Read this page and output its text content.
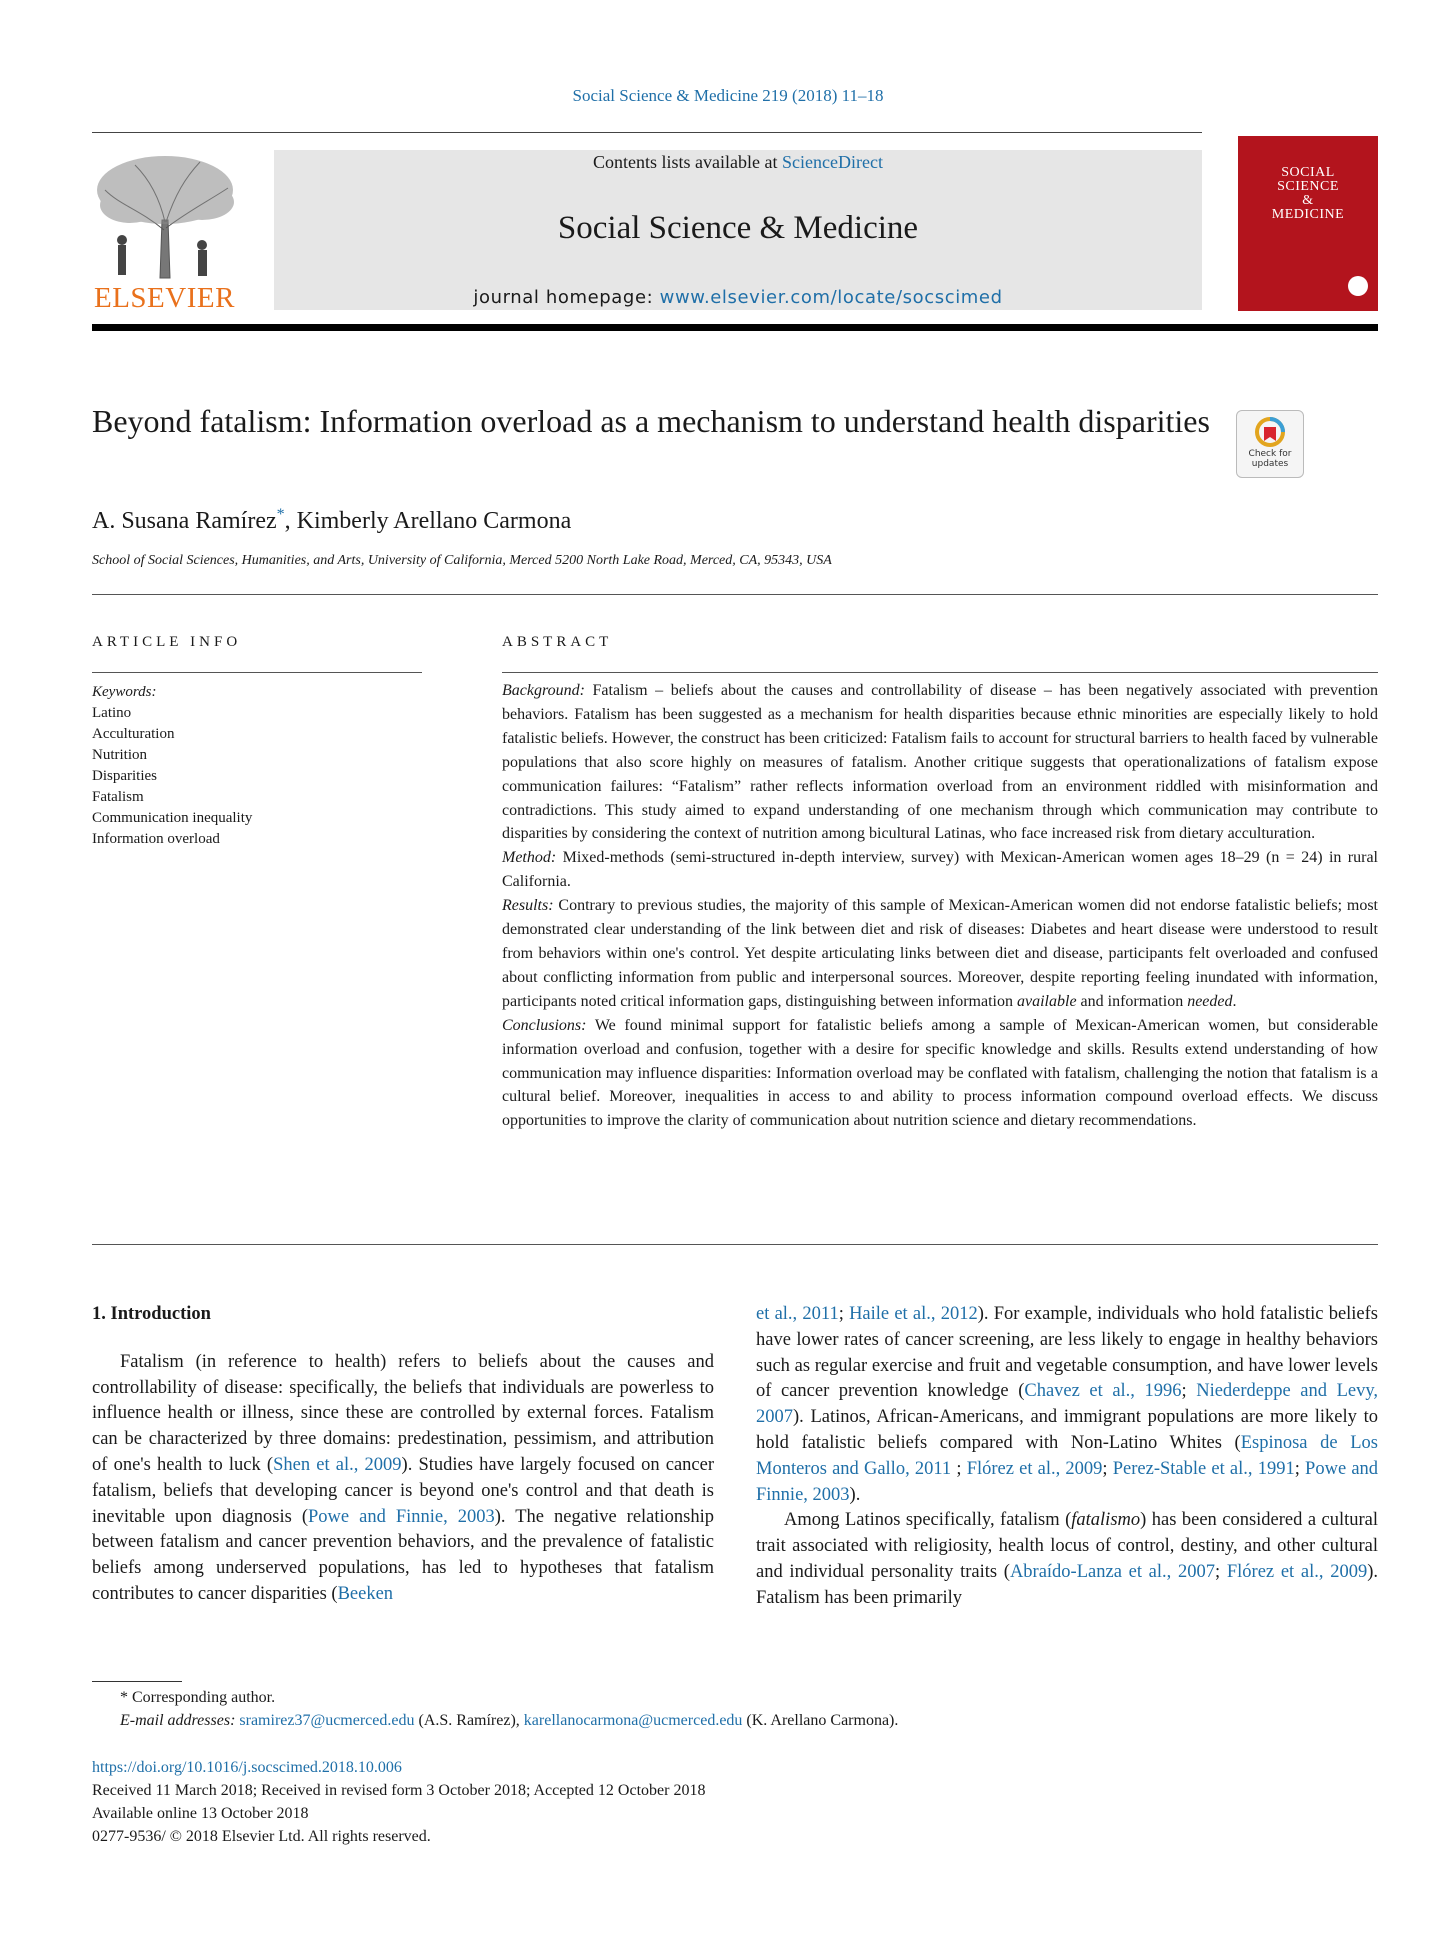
Social Science & Medicine 219 (2018) 11–18
ELSEVIER
Contents lists available at ScienceDirect
Social Science & Medicine
journal homepage: www.elsevier.com/locate/socscimed
SOCIAL
SCIENCE
&
MEDICINE
Beyond fatalism: Information overload as a mechanism to understand health disparities
Check for updates
A. Susana Ramírez*, Kimberly Arellano Carmona
School of Social Sciences, Humanities, and Arts, University of California, Merced 5200 North Lake Road, Merced, CA, 95343, USA
ARTICLE INFO
Keywords:
Latino
Acculturation
Nutrition
Disparities
Fatalism
Communication inequality
Information overload
ABSTRACT

Background: Fatalism – beliefs about the causes and controllability of disease – has been negatively associated with prevention behaviors. Fatalism has been suggested as a mechanism for health disparities because ethnic minorities are especially likely to hold fatalistic beliefs. However, the construct has been criticized: Fatalism fails to account for structural barriers to health faced by vulnerable populations that also score highly on measures of fatalism. Another critique suggests that operationalizations of fatalism expose communication failures: “Fatalism” rather reflects information overload from an environment riddled with misinformation and contradictions. This study aimed to expand understanding of one mechanism through which communication may contribute to disparities by considering the context of nutrition among bicultural Latinas, who face increased risk from dietary acculturation.

Method: Mixed-methods (semi-structured in-depth interview, survey) with Mexican-American women ages 18–29 (n = 24) in rural California.

Results: Contrary to previous studies, the majority of this sample of Mexican-American women did not endorse fatalistic beliefs; most demonstrated clear understanding of the link between diet and risk of diseases: Diabetes and heart disease were understood to result from behaviors within one's control. Yet despite articulating links between diet and disease, participants felt overloaded and confused about conflicting information from public and interpersonal sources. Moreover, despite reporting feeling inundated with information, participants noted critical information gaps, distinguishing between information available and information needed.

Conclusions: We found minimal support for fatalistic beliefs among a sample of Mexican-American women, but considerable information overload and confusion, together with a desire for specific knowledge and skills. Results extend understanding of how communication may influence disparities: Information overload may be conflated with fatalism, challenging the notion that fatalism is a cultural belief. Moreover, inequalities in access to and ability to process information compound overload effects. We discuss opportunities to improve the clarity of communication about nutrition science and dietary recommendations.

1. Introduction

Fatalism (in reference to health) refers to beliefs about the causes and controllability of disease: specifically, the beliefs that individuals are powerless to influence health or illness, since these are controlled by external forces. Fatalism can be characterized by three domains: predestination, pessimism, and attribution of one's health to luck (Shen et al., 2009). Studies have largely focused on cancer fatalism, beliefs that developing cancer is beyond one's control and that death is inevitable upon diagnosis (Powe and Finnie, 2003). The negative relationship between fatalism and cancer prevention behaviors, and the prevalence of fatalistic beliefs among underserved populations, has led to hypotheses that fatalism contributes to cancer disparities (Beeken

et al., 2011; Haile et al., 2012). For example, individuals who hold fatalistic beliefs have lower rates of cancer screening, are less likely to engage in healthy behaviors such as regular exercise and fruit and vegetable consumption, and have lower levels of cancer prevention knowledge (Chavez et al., 1996; Niederdeppe and Levy, 2007). Latinos, African-Americans, and immigrant populations are more likely to hold fatalistic beliefs compared with Non-Latino Whites (Espinosa de Los Monteros and Gallo, 2011 ; Flórez et al., 2009; Perez-Stable et al., 1991; Powe and Finnie, 2003).

Among Latinos specifically, fatalism (fatalismo) has been considered a cultural trait associated with religiosity, health locus of control, destiny, and other cultural and individual personality traits (Abraído-Lanza et al., 2007; Flórez et al., 2009). Fatalism has been primarily

* Corresponding author.
E-mail addresses: sramirez37@ucmerced.edu (A.S. Ramírez), karellanocarmona@ucmerced.edu (K. Arellano Carmona).
https://doi.org/10.1016/j.socscimed.2018.10.006
Received 11 March 2018; Received in revised form 3 October 2018; Accepted 12 October 2018
Available online 13 October 2018
0277-9536/ © 2018 Elsevier Ltd. All rights reserved.
